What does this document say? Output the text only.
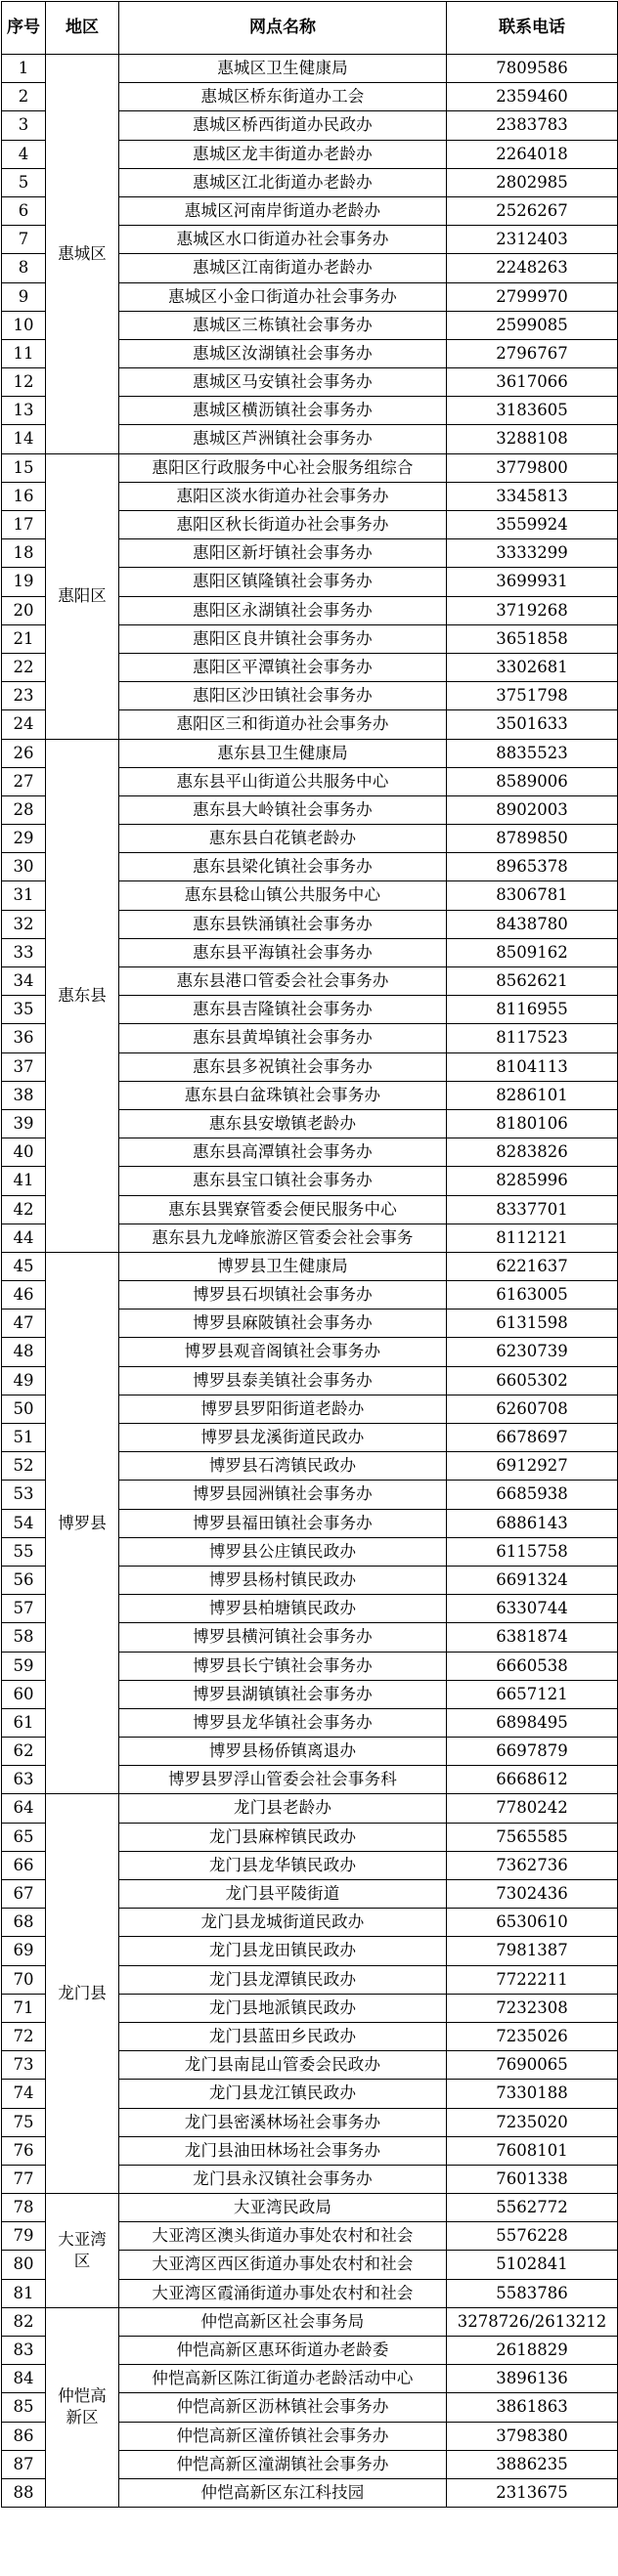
序号	地区	网点名称	联系电话
1	惠城区	惠城区卫生健康局	7809586
2		惠城区桥东街道办工会	2359460
3		惠城区桥西街道办民政办	2383783
4		惠城区龙丰街道办老龄办	2264018
5		惠城区江北街道办老龄办	2802985
6		惠城区河南岸街道办老龄办	2526267
7		惠城区水口街道办社会事务办	2312403
8		惠城区江南街道办老龄办	2248263
9		惠城区小金口街道办社会事务办	2799970
10		惠城区三栋镇社会事务办	2599085
11		惠城区汝湖镇社会事务办	2796767
12		惠城区马安镇社会事务办	3617066
13		惠城区横沥镇社会事务办	3183605
14		惠城区芦洲镇社会事务办	3288108
15	惠阳区	惠阳区行政服务中心社会服务组综合	3779800
16		惠阳区淡水街道办社会事务办	3345813
17		惠阳区秋长街道办社会事务办	3559924
18		惠阳区新圩镇社会事务办	3333299
19		惠阳区镇隆镇社会事务办	3699931
20		惠阳区永湖镇社会事务办	3719268
21		惠阳区良井镇社会事务办	3651858
22		惠阳区平潭镇社会事务办	3302681
23		惠阳区沙田镇社会事务办	3751798
24		惠阳区三和街道办社会事务办	3501633
26	惠东县	惠东县卫生健康局	8835523
27		惠东县平山街道公共服务中心	8589006
28		惠东县大岭镇社会事务办	8902003
29		惠东县白花镇老龄办	8789850
30		惠东县梁化镇社会事务办	8965378
31		惠东县稔山镇公共服务中心	8306781
32		惠东县铁涌镇社会事务办	8438780
33		惠东县平海镇社会事务办	8509162
34		惠东县港口管委会社会事务办	8562621
35		惠东县吉隆镇社会事务办	8116955
36		惠东县黄埠镇社会事务办	8117523
37		惠东县多祝镇社会事务办	8104113
38		惠东县白盆珠镇社会事务办	8286101
39		惠东县安墩镇老龄办	8180106
40		惠东县高潭镇社会事务办	8283826
41		惠东县宝口镇社会事务办	8285996
42		惠东县巽寮管委会便民服务中心	8337701
44		惠东县九龙峰旅游区管委会社会事务	8112121
45	博罗县	博罗县卫生健康局	6221637
46		博罗县石坝镇社会事务办	6163005
47		博罗县麻陂镇社会事务办	6131598
48		博罗县观音阁镇社会事务办	6230739
49		博罗县泰美镇社会事务办	6605302
50		博罗县罗阳街道老龄办	6260708
51		博罗县龙溪街道民政办	6678697
52		博罗县石湾镇民政办	6912927
53		博罗县园洲镇社会事务办	6685938
54		博罗县福田镇社会事务办	6886143
55		博罗县公庄镇民政办	6115758
56		博罗县杨村镇民政办	6691324
57		博罗县柏塘镇民政办	6330744
58		博罗县横河镇社会事务办	6381874
59		博罗县长宁镇社会事务办	6660538
60		博罗县湖镇镇社会事务办	6657121
61		博罗县龙华镇社会事务办	6898495
62		博罗县杨侨镇离退办	6697879
63		博罗县罗浮山管委会社会事务科	6668612
64	龙门县	龙门县老龄办	7780242
65		龙门县麻榨镇民政办	7565585
66		龙门县龙华镇民政办	7362736
67		龙门县平陵街道	7302436
68		龙门县龙城街道民政办	6530610
69		龙门县龙田镇民政办	7981387
70		龙门县龙潭镇民政办	7722211
71		龙门县地派镇民政办	7232308
72		龙门县蓝田乡民政办	7235026
73		龙门县南昆山管委会民政办	7690065
74		龙门县龙江镇民政办	7330188
75		龙门县密溪林场社会事务办	7235020
76		龙门县油田林场社会事务办	7608101
77		龙门县永汉镇社会事务办	7601338
78	大亚湾区	大亚湾民政局	5562772
79		大亚湾区澳头街道办事处农村和社会	5576228
80		大亚湾区西区街道办事处农村和社会	5102841
81		大亚湾区霞涌街道办事处农村和社会	5583786
82	仲恺高新区	仲恺高新区社会事务局	3278726/2613212
83		仲恺高新区惠环街道办老龄委	2618829
84		仲恺高新区陈江街道办老龄活动中心	3896136
85		仲恺高新区沥林镇社会事务办	3861863
86		仲恺高新区潼侨镇社会事务办	3798380
87		仲恺高新区潼湖镇社会事务办	3886235
88		仲恺高新区东江科技园	2313675
